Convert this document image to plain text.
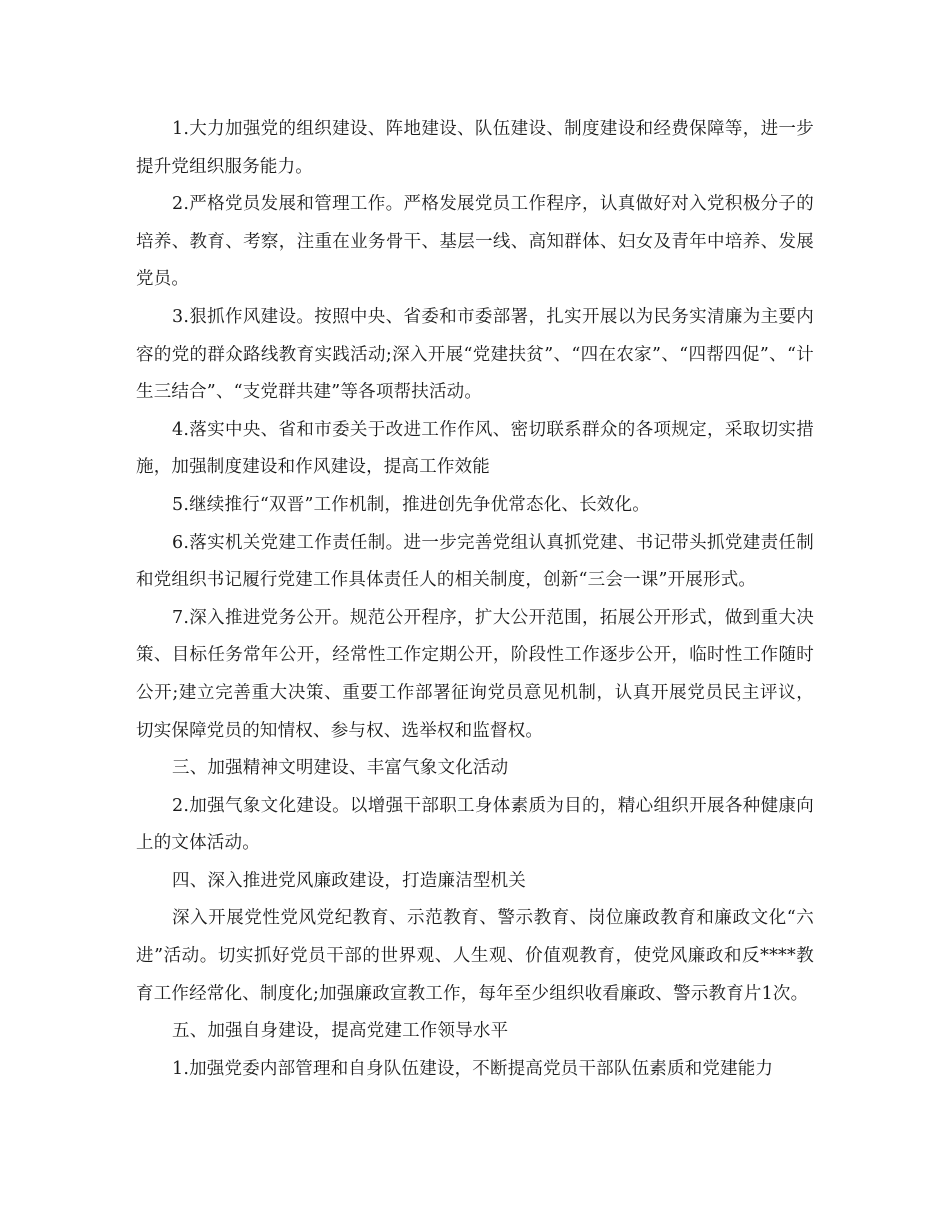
1.大力加强党的组织建设、阵地建设、队伍建设、制度建设和经费保障等，进一步提升党组织服务能力。

2.严格党员发展和管理工作。严格发展党员工作程序，认真做好对入党积极分子的培养、教育、考察，注重在业务骨干、基层一线、高知群体、妇女及青年中培养、发展党员。

3.狠抓作风建设。按照中央、省委和市委部署，扎实开展以为民务实清廉为主要内容的党的群众路线教育实践活动;深入开展“党建扶贫”、“四在农家”、“四帮四促”、“计生三结合”、“支党群共建”等各项帮扶活动。

4.落实中央、省和市委关于改进工作作风、密切联系群众的各项规定，采取切实措施，加强制度建设和作风建设，提高工作效能

5.继续推行“双晋”工作机制，推进创先争优常态化、长效化。

6.落实机关党建工作责任制。进一步完善党组认真抓党建、书记带头抓党建责任制和党组织书记履行党建工作具体责任人的相关制度，创新“三会一课”开展形式。

7.深入推进党务公开。规范公开程序，扩大公开范围，拓展公开形式，做到重大决策、目标任务常年公开，经常性工作定期公开，阶段性工作逐步公开，临时性工作随时公开;建立完善重大决策、重要工作部署征询党员意见机制，认真开展党员民主评议，切实保障党员的知情权、参与权、选举权和监督权。

三、加强精神文明建设、丰富气象文化活动

2.加强气象文化建设。以增强干部职工身体素质为目的，精心组织开展各种健康向上的文体活动。

四、深入推进党风廉政建设，打造廉洁型机关

深入开展党性党风党纪教育、示范教育、警示教育、岗位廉政教育和廉政文化“六进”活动。切实抓好党员干部的世界观、人生观、价值观教育，使党风廉政和反****教育工作经常化、制度化;加强廉政宣教工作，每年至少组织收看廉政、警示教育片1次。

五、加强自身建设，提高党建工作领导水平

1.加强党委内部管理和自身队伍建设，不断提高党员干部队伍素质和党建能力
